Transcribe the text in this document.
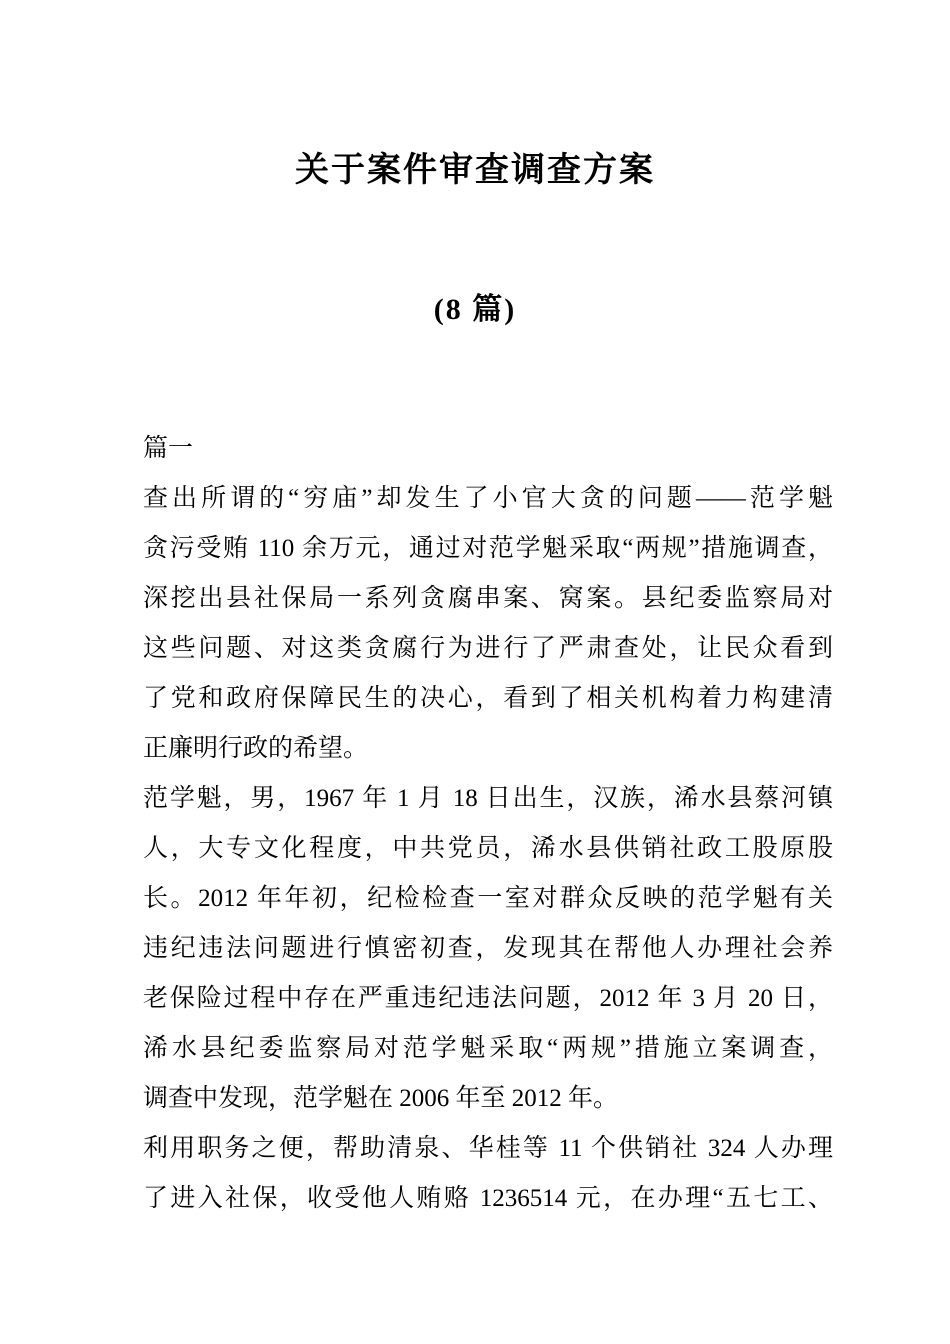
关于案件审查调查方案
(8 篇)
篇一
查出所谓的“穷庙”却发生了小官大贪的问题——范学魁
贪污受贿 110 余万元，通过对范学魁采取“两规”措施调查，
深挖出县社保局一系列贪腐串案、窝案。县纪委监察局对
这些问题、对这类贪腐行为进行了严肃查处，让民众看到
了党和政府保障民生的决心，看到了相关机构着力构建清
正廉明行政的希望。
范学魁，男，1967 年 1 月 18 日出生，汉族，浠水县蔡河镇
人，大专文化程度，中共党员，浠水县供销社政工股原股
长。2012 年年初，纪检检查一室对群众反映的范学魁有关
违纪违法问题进行慎密初查，发现其在帮他人办理社会养
老保险过程中存在严重违纪违法问题，2012 年 3 月 20 日，
浠水县纪委监察局对范学魁采取“两规”措施立案调查，
调查中发现，范学魁在 2006 年至 2012 年。
利用职务之便，帮助清泉、华桂等 11 个供销社 324 人办理
了进入社保，收受他人贿赂 1236514 元，在办理“五七工、
